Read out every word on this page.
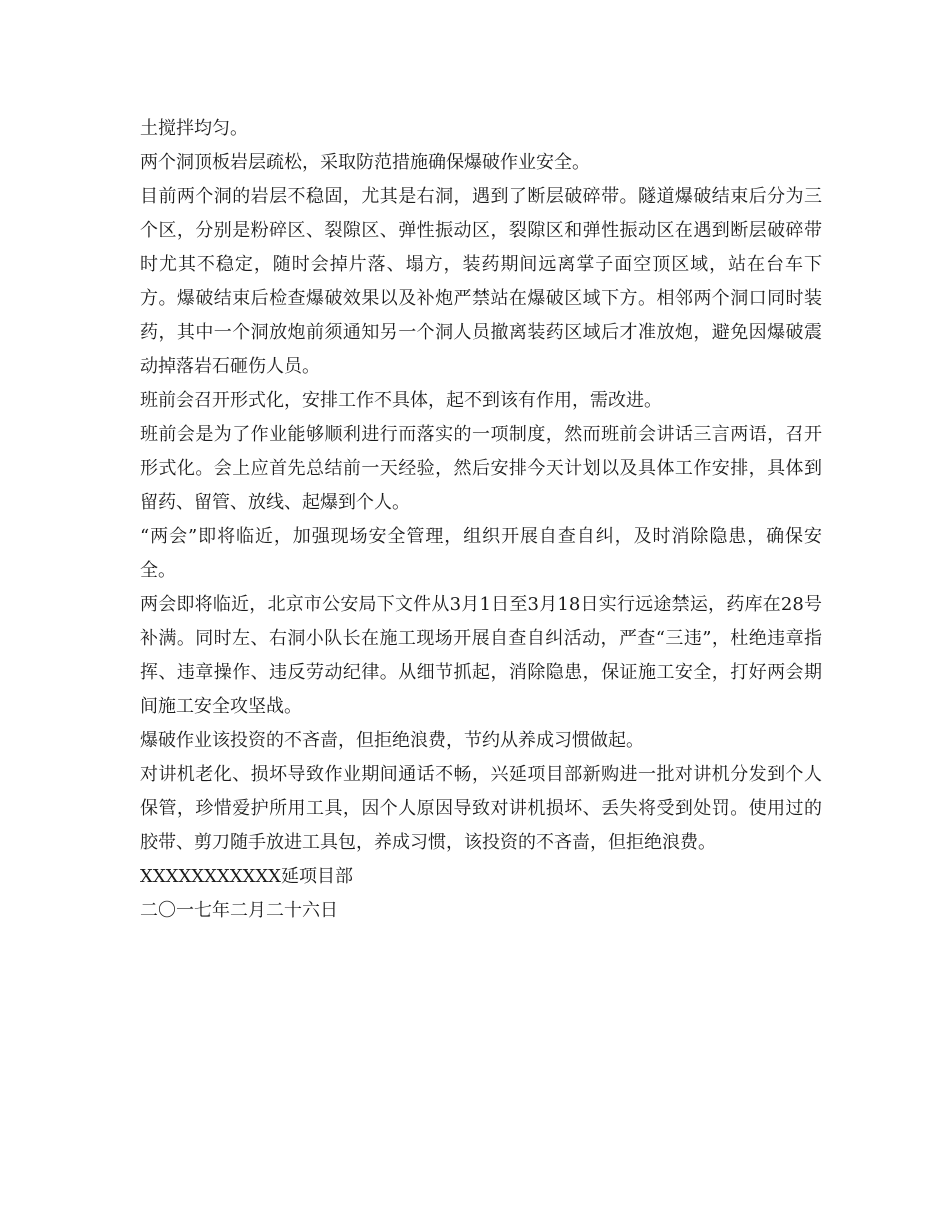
土搅拌均匀。

两个洞顶板岩层疏松，采取防范措施确保爆破作业安全。

目前两个洞的岩层不稳固，尤其是右洞，遇到了断层破碎带。隧道爆破结束后分为三个区，分别是粉碎区、裂隙区、弹性振动区，裂隙区和弹性振动区在遇到断层破碎带时尤其不稳定，随时会掉片落、塌方，装药期间远离掌子面空顶区域，站在台车下方。爆破结束后检查爆破效果以及补炮严禁站在爆破区域下方。相邻两个洞口同时装药，其中一个洞放炮前须通知另一个洞人员撤离装药区域后才准放炮，避免因爆破震动掉落岩石砸伤人员。

班前会召开形式化，安排工作不具体，起不到该有作用，需改进。

班前会是为了作业能够顺利进行而落实的一项制度，然而班前会讲话三言两语，召开形式化。会上应首先总结前一天经验，然后安排今天计划以及具体工作安排，具体到留药、留管、放线、起爆到个人。

“两会”即将临近，加强现场安全管理，组织开展自查自纠，及时消除隐患，确保安全。

两会即将临近，北京市公安局下文件从3月1日至3月18日实行远途禁运，药库在28号补满。同时左、右洞小队长在施工现场开展自查自纠活动，严查“三违”，杜绝违章指挥、违章操作、违反劳动纪律。从细节抓起，消除隐患，保证施工安全，打好两会期间施工安全攻坚战。

爆破作业该投资的不吝啬，但拒绝浪费，节约从养成习惯做起。

对讲机老化、损坏导致作业期间通话不畅，兴延项目部新购进一批对讲机分发到个人保管，珍惜爱护所用工具，因个人原因导致对讲机损坏、丢失将受到处罚。使用过的胶带、剪刀随手放进工具包，养成习惯，该投资的不吝啬，但拒绝浪费。

XXXXXXXXXXX延项目部

二〇一七年二月二十六日
